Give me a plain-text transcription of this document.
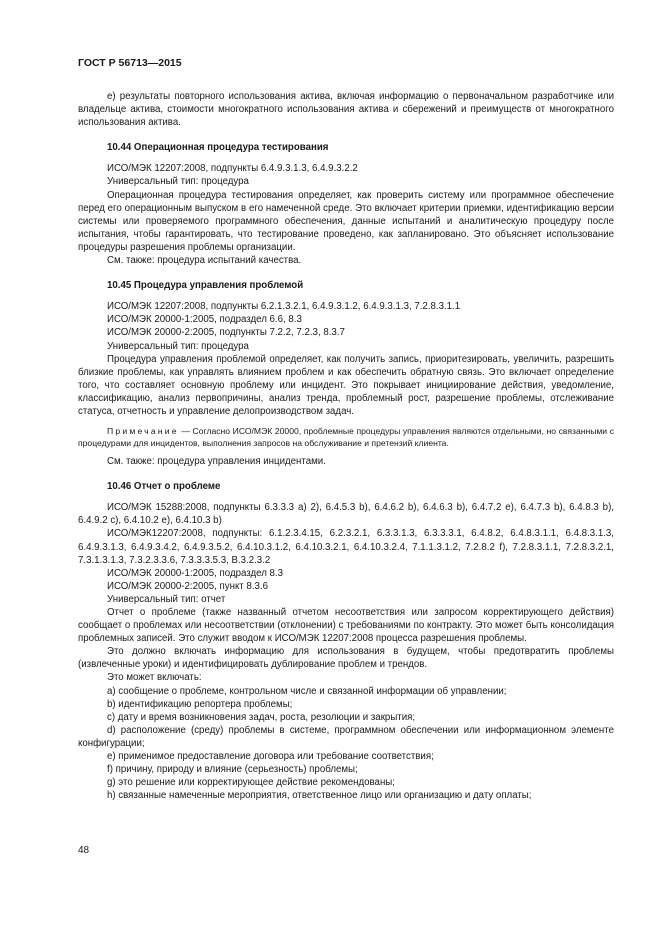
ГОСТ Р 56713—2015

e) результаты повторного использования актива, включая информацию о первоначальном разработчике или владельце актива, стоимости многократного использования актива и сбережений и преимуществ от многократного использования актива.

10.44 Операционная процедура тестирования

ИСО/МЭК 12207:2008, подпункты 6.4.9.3.1.3, 6.4.9.3.2.2

Универсальный тип: процедура

Операционная процедура тестирования определяет, как проверить систему или программное обеспечение перед его операционным выпуском в его намеченной среде. Это включает критерии приемки, идентификацию версии системы или проверяемого программного обеспечения, данные испытаний и аналитическую процедуру после испытания, чтобы гарантировать, что тестирование проведено, как запланировано. Это объясняет использование процедуры разрешения проблемы организации.

См. также: процедура испытаний качества.

10.45 Процедура управления проблемой

ИСО/МЭК 12207:2008, подпункты 6.2.1.3.2.1, 6.4.9.3.1.2, 6.4.9.3.1.3, 7.2.8.3.1.1

ИСО/МЭК 20000-1:2005, подраздел 6.6, 8.3

ИСО/МЭК 20000-2:2005, подпункты 7.2.2, 7.2.3, 8.3.7

Универсальный тип: процедура

Процедура управления проблемой определяет, как получить запись, приоритезировать, увеличить, разрешить близкие проблемы, как управлять влиянием проблем и как обеспечить обратную связь. Это включает определение того, что составляет основную проблему или инцидент. Это покрывает инициирование действия, уведомление, классификацию, анализ первопричины, анализ тренда, проблемный рост, разрешение проблемы, отслеживание статуса, отчетность и управление делопроизводством задач.

Примечание — Согласно ИСО/МЭК 20000, проблемные процедуры управления являются отдельными, но связанными с процедурами для инцидентов, выполнения запросов на обслуживание и претензий клиента.

См. также: процедура управления инцидентами.

10.46 Отчет о проблеме

ИСО/МЭК 15288:2008, подпункты 6.3.3.3 а) 2), 6.4.5.3 b), 6.4.6.2 b), 6.4.6.3 b), 6.4.7.2 e), 6.4.7.3 b), 6.4.8.3 b), 6.4.9.2 c), 6.4.10.2 e), 6.4.10.3 b)

ИСО/МЭК12207:2008, подпункты: 6.1.2.3.4.15, 6.2.3.2.1, 6.3.3.1.3, 6.3.3.3.1, 6.4.8.2, 6.4.8.3.1.1, 6.4.8.3.1.3, 6.4.9.3.1.3, 6.4.9.3.4.2, 6.4.9.3.5.2, 6.4.10.3.1.2, 6.4.10.3.2.1, 6.4.10.3.2.4, 7.1.1.3.1.2, 7.2.8.2 f), 7.2.8.3.1.1, 7.2.8.3.2.1, 7.3.1.3.1.3, 7.3.2.3.3.6, 7.3.3.3.5.3, В.3.2.3.2

ИСО/МЭК 20000-1:2005, подраздел 8.3

ИСО/МЭК 20000-2:2005, пункт 8.3.6

Универсальный тип: отчет

Отчет о проблеме (также названный отчетом несоответствия или запросом корректирующего действия) сообщает о проблемах или несоответствии (отклонении) с требованиями по контракту. Это может быть консолидация проблемных записей. Это служит вводом к ИСО/МЭК 12207:2008 процесса разрешения проблемы.

Это должно включать информацию для использования в будущем, чтобы предотвратить проблемы (извлеченные уроки) и идентифицировать дублирование проблем и трендов.

Это может включать:

а) сообщение о проблеме, контрольном числе и связанной информации об управлении;

b) идентификацию репортера проблемы;

c) дату и время возникновения задач, роста, резолюции и закрытия;

d) расположение (среду) проблемы в системе, программном обеспечении или информационном элементе конфигурации;

e) применимое предоставление договора или требование соответствия;

f) причину, природу и влияние (серьезность) проблемы;

g) это решение или корректирующее действие рекомендованы;

h) связанные намеченные мероприятия, ответственное лицо или организацию и дату оплаты;

48
